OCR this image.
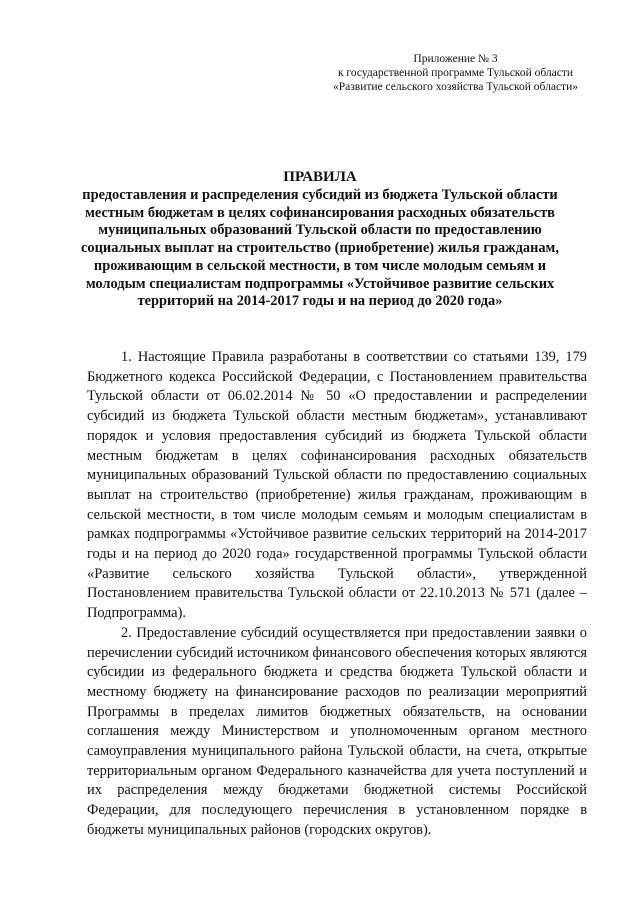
Приложение № 3
к государственной программе Тульской области
«Развитие сельского хозяйства Тульской области»
ПРАВИЛА
предоставления и распределения субсидий из бюджета Тульской области местным бюджетам в целях софинансирования расходных обязательств муниципальных образований Тульской области по предоставлению социальных выплат на строительство (приобретение) жилья гражданам, проживающим в сельской местности, в том числе молодым семьям и молодым специалистам подпрограммы «Устойчивое развитие сельских территорий на 2014-2017 годы и на период до 2020 года»

1. Настоящие Правила разработаны в соответствии со статьями 139, 179 Бюджетного кодекса Российской Федерации, с Постановлением правительства Тульской области от 06.02.2014 № 50 «О предоставлении и распределении субсидий из бюджета Тульской области местным бюджетам», устанавливают порядок и условия предоставления субсидий из бюджета Тульской области местным бюджетам в целях софинансирования расходных обязательств муниципальных образований Тульской области по предоставлению социальных выплат на строительство (приобретение) жилья гражданам, проживающим в сельской местности, в том числе молодым семьям и молодым специалистам в рамках подпрограммы «Устойчивое развитие сельских территорий на 2014-2017 годы и на период до 2020 года» государственной программы Тульской области «Развитие сельского хозяйства Тульской области», утвержденной Постановлением правительства Тульской области от 22.10.2013 № 571 (далее – Подпрограмма).

2. Предоставление субсидий осуществляется при предоставлении заявки о перечислении субсидий источником финансового обеспечения которых являются субсидии из федерального бюджета и средства бюджета Тульской области и местному бюджету на финансирование расходов по реализации мероприятий Программы в пределах лимитов бюджетных обязательств, на основании соглашения между Министерством и уполномоченным органом местного самоуправления муниципального района Тульской области, на счета, открытые территориальным органом Федерального казначейства для учета поступлений и их распределения между бюджетами бюджетной системы Российской Федерации, для последующего перечисления в установленном порядке в бюджеты муниципальных районов (городских округов).
